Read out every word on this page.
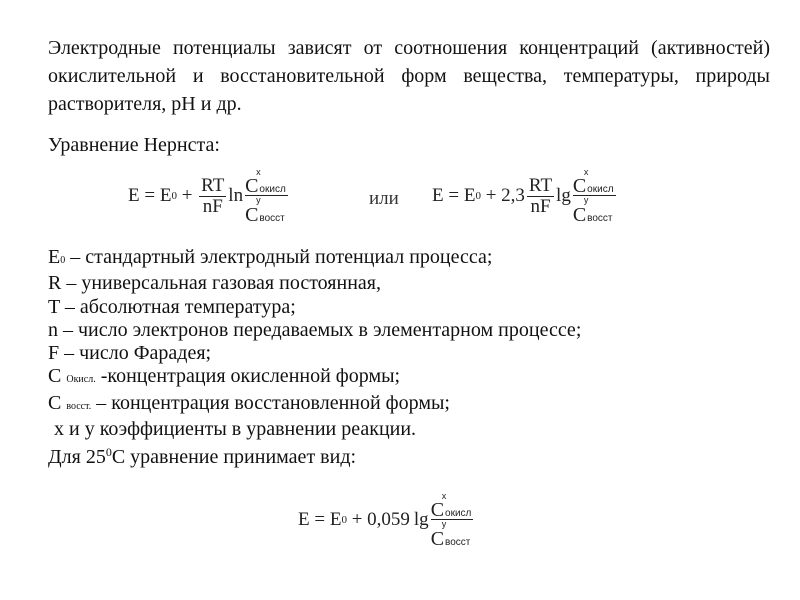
Электродные потенциалы зависят от соотношения концентраций (активностей) окислительной и восстановительной форм вещества, температуры, природы растворителя, рН и др.
Уравнение Нернста:
E = E $0 + \frac{RT}{nF}$ ln C окисл
x
C восст
y	или E = E $0 + 2,3 \frac{RT}{nF}$ lg C окисл
x
C восст
y
E0 – стандартный электродный потенциал процесса;
R – универсальная газовая постоянная,
T – абсолютная температура;
n – число электронов передаваемых в элементарном процессе;
F – число Фарадея;
C Окисл. -концентрация окисленной формы;
C восст. – концентрация восстановленной формы;
x и y коэффициенты в уравнении реакции.
Для $25^0С$ уравнение принимает вид:
E = E 0 + 0,059 lg C окисл
x
C восст
y
